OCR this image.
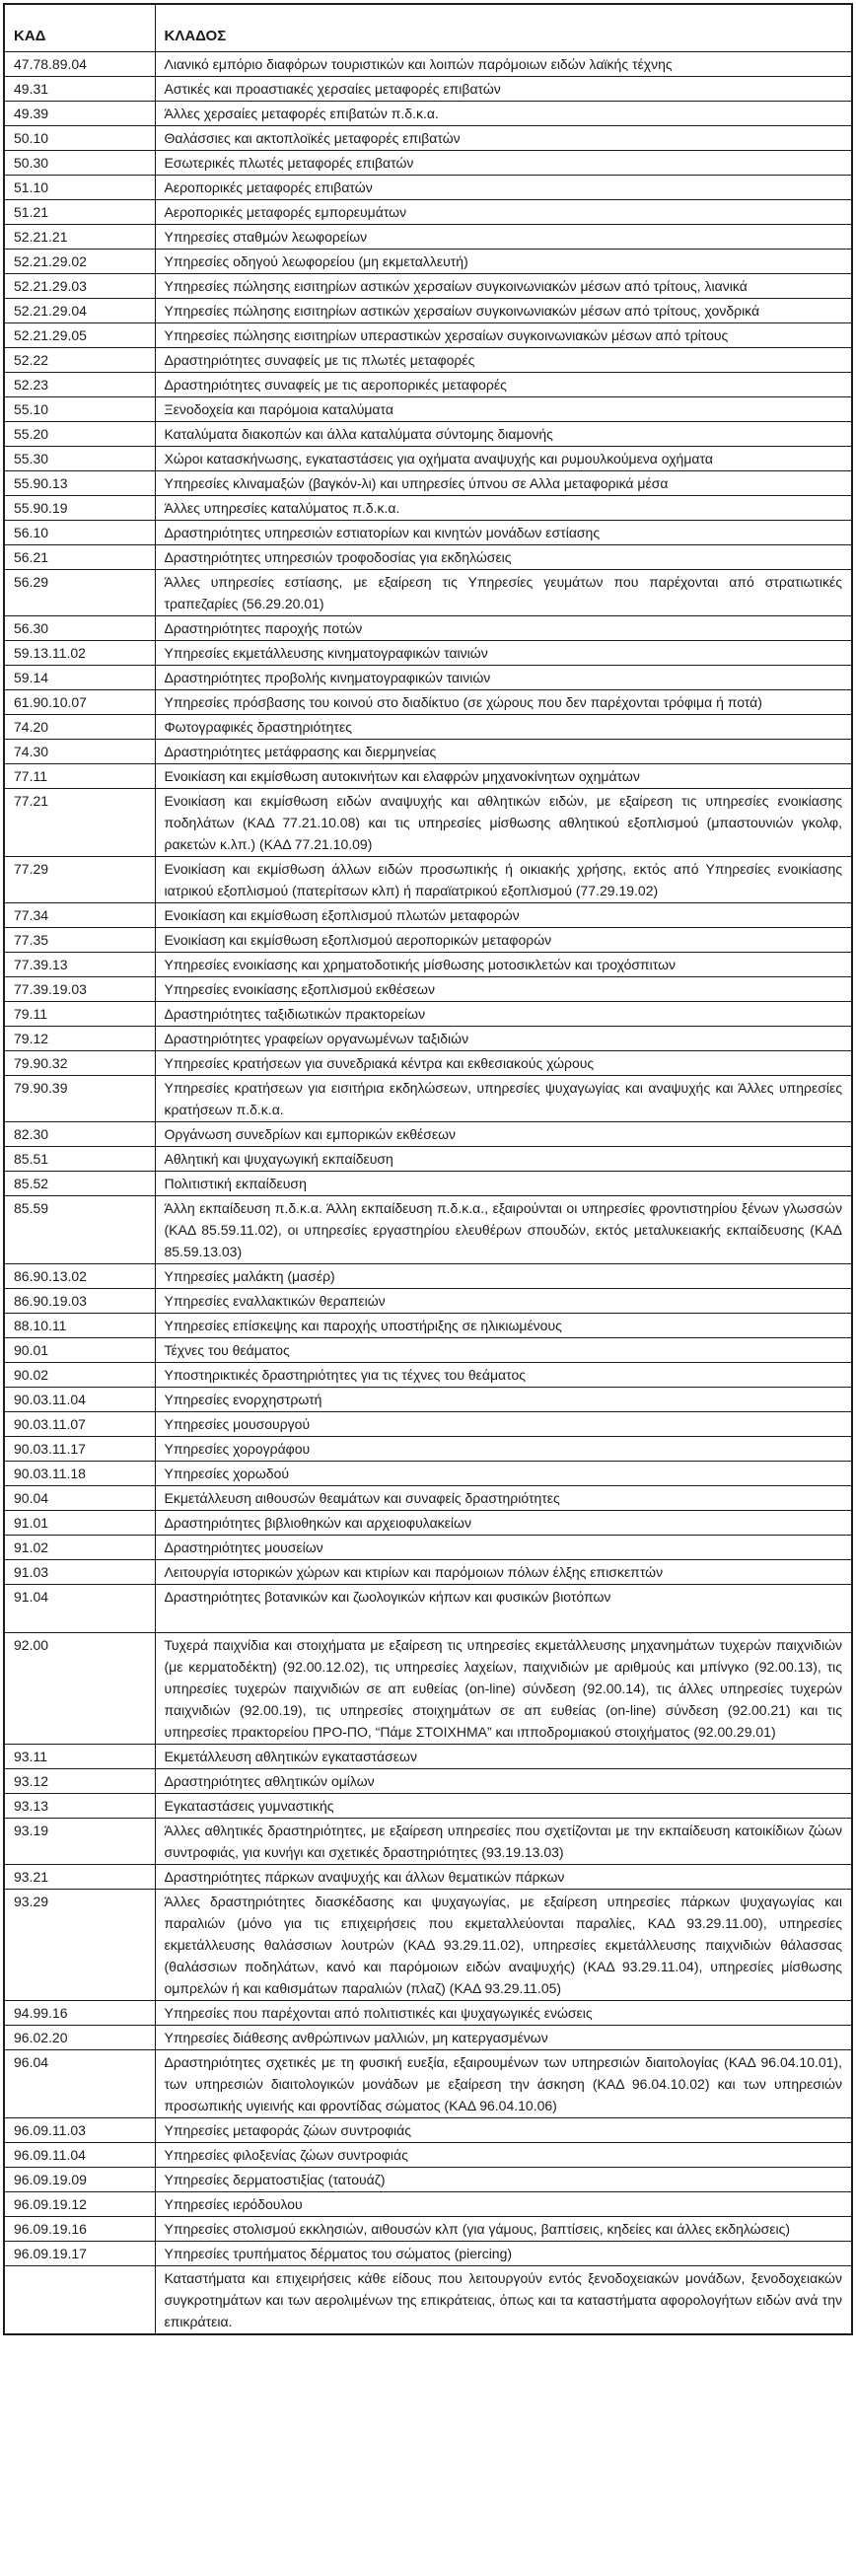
ΚΑΔ	ΚΛΑΔΟΣ
47.78.89.04	Λιανικό εμπόριο διαφόρων τουριστικών και λοιπών παρόμοιων ειδών λαϊκής τέχνης
49.31	Αστικές και προαστιακές χερσαίες μεταφορές επιβατών
49.39	Άλλες χερσαίες μεταφορές επιβατών π.δ.κ.α.
50.10	Θαλάσσιες και ακτοπλοϊκές μεταφορές επιβατών
50.30	Εσωτερικές πλωτές μεταφορές επιβατών
51.10	Αεροπορικές μεταφορές επιβατών
51.21	Αεροπορικές μεταφορές εμπορευμάτων
52.21.21	Υπηρεσίες σταθμών λεωφορείων
52.21.29.02	Υπηρεσίες οδηγού λεωφορείου (μη εκμεταλλευτή)
52.21.29.03	Υπηρεσίες πώλησης εισιτηρίων αστικών χερσαίων συγκοινωνιακών μέσων από τρίτους, λιανικά
52.21.29.04	Υπηρεσίες πώλησης εισιτηρίων αστικών χερσαίων συγκοινωνιακών μέσων από τρίτους, χονδρικά
52.21.29.05	Υπηρεσίες πώλησης εισιτηρίων υπεραστικών χερσαίων συγκοινωνιακών μέσων από τρίτους
52.22	Δραστηριότητες συναφείς με τις πλωτές μεταφορές
52.23	Δραστηριότητες συναφείς με τις αεροπορικές μεταφορές
55.10	Ξενοδοχεία και παρόμοια καταλύματα
55.20	Καταλύματα διακοπών και άλλα καταλύματα σύντομης διαμονής
55.30	Χώροι κατασκήνωσης, εγκαταστάσεις για οχήματα αναψυχής και ρυμουλκούμενα οχήματα
55.90.13	Υπηρεσίες κλιναμαξών (βαγκόν-λι) και υπηρεσίες ύπνου σε Αλλα μεταφορικά μέσα
55.90.19	Άλλες υπηρεσίες καταλύματος π.δ.κ.α.
56.10	Δραστηριότητες υπηρεσιών εστιατορίων και κινητών μονάδων εστίασης
56.21	Δραστηριότητες υπηρεσιών τροφοδοσίας για εκδηλώσεις
56.29	Άλλες υπηρεσίες εστίασης, με εξαίρεση τις Υπηρεσίες γευμάτων που παρέχονται από στρατιωτικές τραπεζαρίες (56.29.20.01)
56.30	Δραστηριότητες παροχής ποτών
59.13.11.02	Υπηρεσίες εκμετάλλευσης κινηματογραφικών ταινιών
59.14	Δραστηριότητες προβολής κινηματογραφικών ταινιών
61.90.10.07	Υπηρεσίες πρόσβασης του κοινού στο διαδίκτυο (σε χώρους που δεν παρέχονται τρόφιμα ή ποτά)
74.20	Φωτογραφικές δραστηριότητες
74.30	Δραστηριότητες μετάφρασης και διερμηνείας
77.11	Ενοικίαση και εκμίσθωση αυτοκινήτων και ελαφρών μηχανοκίνητων οχημάτων
77.21	Ενοικίαση και εκμίσθωση ειδών αναψυχής και αθλητικών ειδών, με εξαίρεση τις υπηρεσίες ενοικίασης ποδηλάτων (ΚΑΔ 77.21.10.08) και τις υπηρεσίες μίσθωσης αθλητικού εξοπλισμού (μπαστουνιών γκολφ, ρακετών κ.λπ.) (ΚΑΔ 77.21.10.09)
77.29	Ενοικίαση και εκμίσθωση άλλων ειδών προσωπικής ή οικιακής χρήσης, εκτός από Υπηρεσίες ενοικίασης ιατρικού εξοπλισμού (πατερίτσων κλπ) ή παραϊατρικού εξοπλισμού (77.29.19.02)
77.34	Ενοικίαση και εκμίσθωση εξοπλισμού πλωτών μεταφορών
77.35	Ενοικίαση και εκμίσθωση εξοπλισμού αεροπορικών μεταφορών
77.39.13	Υπηρεσίες ενοικίασης και χρηματοδοτικής μίσθωσης μοτοσικλετών και τροχόσπιτων
77.39.19.03	Υπηρεσίες ενοικίασης εξοπλισμού εκθέσεων
79.11	Δραστηριότητες ταξιδιωτικών πρακτορείων
79.12	Δραστηριότητες γραφείων οργανωμένων ταξιδιών
79.90.32	Υπηρεσίες κρατήσεων για συνεδριακά κέντρα και εκθεσιακούς χώρους
79.90.39	Υπηρεσίες κρατήσεων για εισιτήρια εκδηλώσεων, υπηρεσίες ψυχαγωγίας και αναψυχής και Άλλες υπηρεσίες κρατήσεων π.δ.κ.α.
82.30	Οργάνωση συνεδρίων και εμπορικών εκθέσεων
85.51	Αθλητική και ψυχαγωγική εκπαίδευση
85.52	Πολιτιστική εκπαίδευση
85.59	Άλλη εκπαίδευση π.δ.κ.α. Άλλη εκπαίδευση π.δ.κ.α., εξαιρούνται οι υπηρεσίες φροντιστηρίου ξένων γλωσσών (ΚΑΔ 85.59.11.02), οι υπηρεσίες εργαστηρίου ελευθέρων σπουδών, εκτός μεταλυκειακής εκπαίδευσης (ΚΑΔ 85.59.13.03)
86.90.13.02	Υπηρεσίες μαλάκτη (μασέρ)
86.90.19.03	Υπηρεσίες εναλλακτικών θεραπειών
88.10.11	Υπηρεσίες επίσκεψης και παροχής υποστήριξης σε ηλικιωμένους
90.01	Τέχνες του θεάματος
90.02	Υποστηρικτικές δραστηριότητες για τις τέχνες του θεάματος
90.03.11.04	Υπηρεσίες ενορχηστρωτή
90.03.11.07	Υπηρεσίες μουσουργού
90.03.11.17	Υπηρεσίες χορογράφου
90.03.11.18	Υπηρεσίες χορωδού
90.04	Εκμετάλλευση αιθουσών θεαμάτων και συναφείς δραστηριότητες
91.01	Δραστηριότητες βιβλιοθηκών και αρχειοφυλακείων
91.02	Δραστηριότητες μουσείων
91.03	Λειτουργία ιστορικών χώρων και κτιρίων και παρόμοιων πόλων έλξης επισκεπτών
91.04	Δραστηριότητες βοτανικών και ζωολογικών κήπων και φυσικών βιοτόπων
92.00	Τυχερά παιχνίδια και στοιχήματα με εξαίρεση τις υπηρεσίες εκμετάλλευσης μηχανημάτων τυχερών παιχνιδιών (με κερματοδέκτη) (92.00.12.02), τις υπηρεσίες λαχείων, παιχνιδιών με αριθμούς και μπίνγκο (92.00.13), τις υπηρεσίες τυχερών παιχνιδιών σε απ ευθείας (on-line) σύνδεση (92.00.14), τις άλλες υπηρεσίες τυχερών παιχνιδιών (92.00.19), τις υπηρεσίες στοιχημάτων σε απ ευθείας (on-line) σύνδεση (92.00.21) και τις υπηρεσίες πρακτορείου ΠΡΟ-ΠΟ, “Πάμε ΣΤΟΙΧΗΜΑ” και ιπποδρομιακού στοιχήματος (92.00.29.01)
93.11	Εκμετάλλευση αθλητικών εγκαταστάσεων
93.12	Δραστηριότητες αθλητικών ομίλων
93.13	Εγκαταστάσεις γυμναστικής
93.19	Άλλες αθλητικές δραστηριότητες, με εξαίρεση υπηρεσίες που σχετίζονται με την εκπαίδευση κατοικίδιων ζώων συντροφιάς, για κυνήγι και σχετικές δραστηριότητες (93.19.13.03)
93.21	Δραστηριότητες πάρκων αναψυχής και άλλων θεματικών πάρκων
93.29	Άλλες δραστηριότητες διασκέδασης και ψυχαγωγίας, με εξαίρεση υπηρεσίες πάρκων ψυχαγωγίας και παραλιών (μόνο για τις επιχειρήσεις που εκμεταλλεύονται παραλίες, ΚΑΔ 93.29.11.00), υπηρεσίες εκμετάλλευσης θαλάσσιων λουτρών (ΚΑΔ 93.29.11.02), υπηρεσίες εκμετάλλευσης παιχνιδιών θάλασσας (θαλάσσιων ποδηλάτων, κανό και παρόμοιων ειδών αναψυχής) (ΚΑΔ 93.29.11.04), υπηρεσίες μίσθωσης ομπρελών ή και καθισμάτων παραλιών (πλαζ) (ΚΑΔ 93.29.11.05)
94.99.16	Υπηρεσίες που παρέχονται από πολιτιστικές και ψυχαγωγικές ενώσεις
96.02.20	Υπηρεσίες διάθεσης ανθρώπινων μαλλιών, μη κατεργασμένων
96.04	Δραστηριότητες σχετικές με τη φυσική ευεξία, εξαιρουμένων των υπηρεσιών διαιτολογίας (ΚΑΔ 96.04.10.01), των υπηρεσιών διαιτολογικών μονάδων με εξαίρεση την άσκηση (ΚΑΔ 96.04.10.02) και των υπηρεσιών προσωπικής υγιεινής και φροντίδας σώματος (ΚΑΔ 96.04.10.06)
96.09.11.03	Υπηρεσίες μεταφοράς ζώων συντροφιάς
96.09.11.04	Υπηρεσίες φιλοξενίας ζώων συντροφιάς
96.09.19.09	Υπηρεσίες δερματοστιξίας (τατουάζ)
96.09.19.12	Υπηρεσίες ιερόδουλου
96.09.19.16	Υπηρεσίες στολισμού εκκλησιών, αιθουσών κλπ (για γάμους, βαπτίσεις, κηδείες και άλλες εκδηλώσεις)
96.09.19.17	Υπηρεσίες τρυπήματος δέρματος του σώματος (piercing)
	Καταστήματα και επιχειρήσεις κάθε είδους που λειτουργούν εντός ξενοδοχειακών μονάδων, ξενοδοχειακών συγκροτημάτων και των αερολιμένων της επικράτειας, όπως και τα καταστήματα αφορολογήτων ειδών ανά την επικράτεια.
